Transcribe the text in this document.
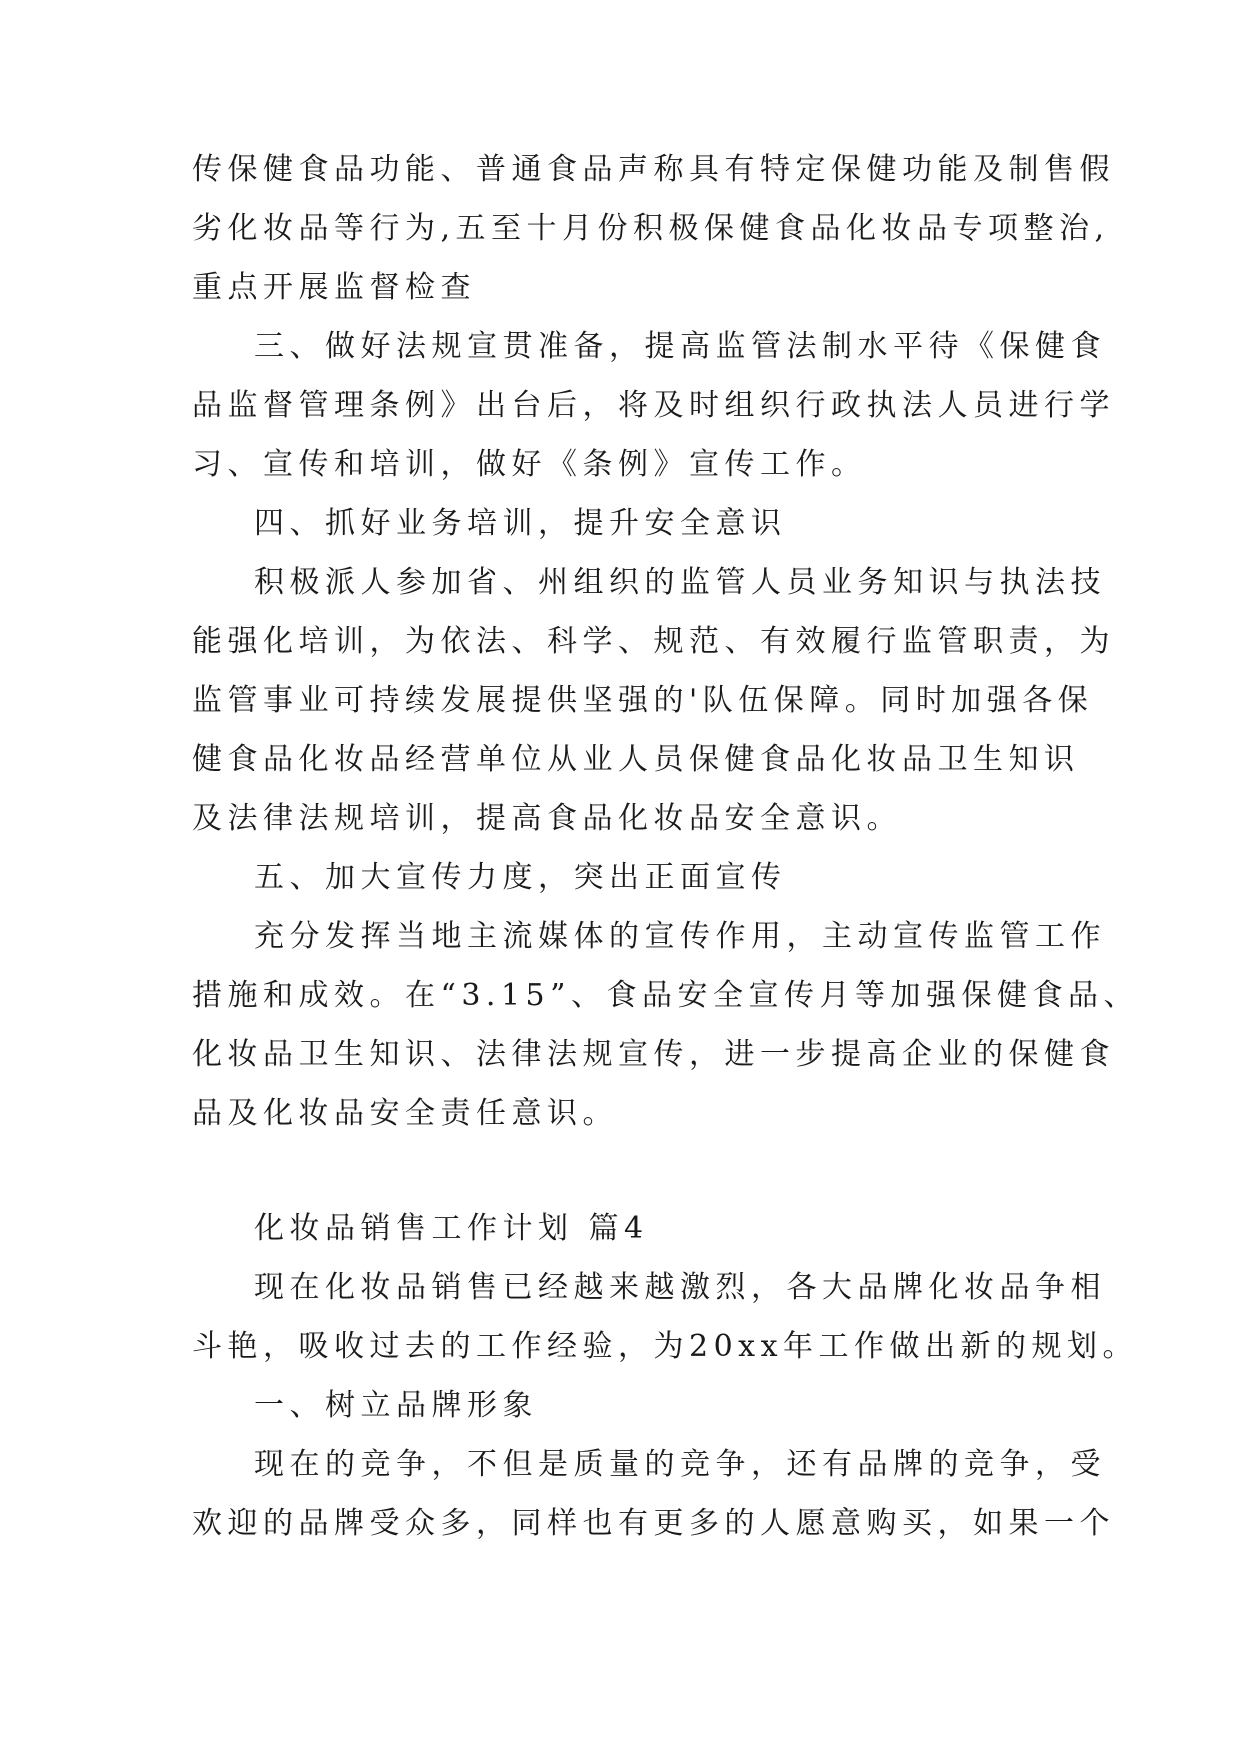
传保健食品功能、普通食品声称具有特定保健功能及制售假
劣化妆品等行为,五至十月份积极保健食品化妆品专项整治,
重点开展监督检查
三、做好法规宣贯准备，提高监管法制水平待《保健食
品监督管理条例》出台后，将及时组织行政执法人员进行学
习、宣传和培训，做好《条例》宣传工作。
四、抓好业务培训，提升安全意识
积极派人参加省、州组织的监管人员业务知识与执法技
能强化培训，为依法、科学、规范、有效履行监管职责，为
监管事业可持续发展提供坚强的'队伍保障。同时加强各保
健食品化妆品经营单位从业人员保健食品化妆品卫生知识
及法律法规培训，提高食品化妆品安全意识。
五、加大宣传力度，突出正面宣传
充分发挥当地主流媒体的宣传作用，主动宣传监管工作
措施和成效。在“3.15”、食品安全宣传月等加强保健食品、
化妆品卫生知识、法律法规宣传，进一步提高企业的保健食
品及化妆品安全责任意识。
化妆品销售工作计划 篇4
现在化妆品销售已经越来越激烈，各大品牌化妆品争相
斗艳，吸收过去的工作经验，为20xx年工作做出新的规划。
一、树立品牌形象
现在的竞争，不但是质量的竞争，还有品牌的竞争，受
欢迎的品牌受众多，同样也有更多的人愿意购买，如果一个
